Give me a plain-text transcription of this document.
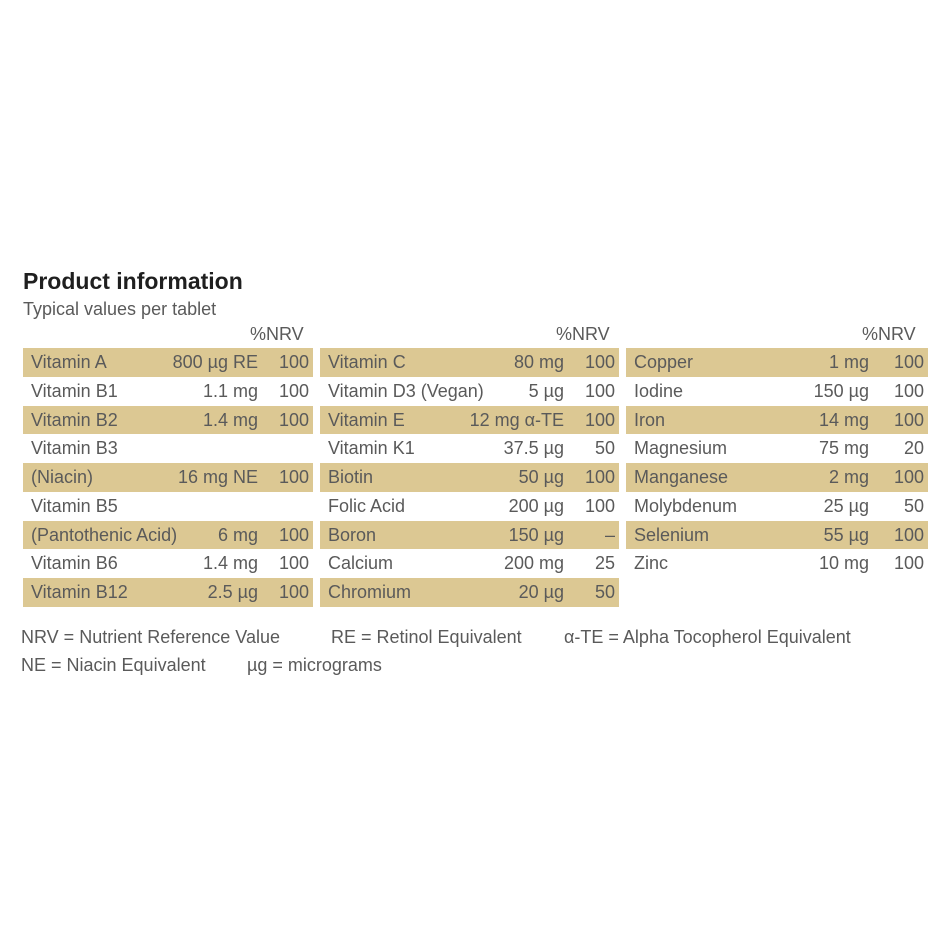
Product information
Typical values per tablet
%NRV	%NRV	%NRV
Vitamin A	800 µg RE 100
Vitamin B1	1.1 mg 100
Vitamin B2	1.4 mg 100
Vitamin B3
(Niacin)	16 mg NE 100
Vitamin B5
(Pantothenic Acid) 6 mg 100
Vitamin B6	1.4 mg 100
Vitamin B12	2.5 µg 100
Vitamin C	80 mg 100
Vitamin D3 (Vegan) 5 µg 100
Vitamin E	12 mg α-TE 100
Vitamin K1	37.5 µg 50
Biotin	50 µg 100
Folic Acid	200 µg 100
Boron	150 µg –
Calcium	200 mg 25
Chromium	20 µg 50
Copper	1 mg 100
Iodine	150 µg 100
Iron	14 mg 100
Magnesium	75 mg 20
Manganese	2 mg 100
Molybdenum	25 µg 50
Selenium	55 µg 100
Zinc	10 mg 100
NRV = Nutrient Reference Value	RE = Retinol Equivalent α-TE = Alpha Tocopherol Equivalent
NE = Niacin Equivalent µg = micrograms
